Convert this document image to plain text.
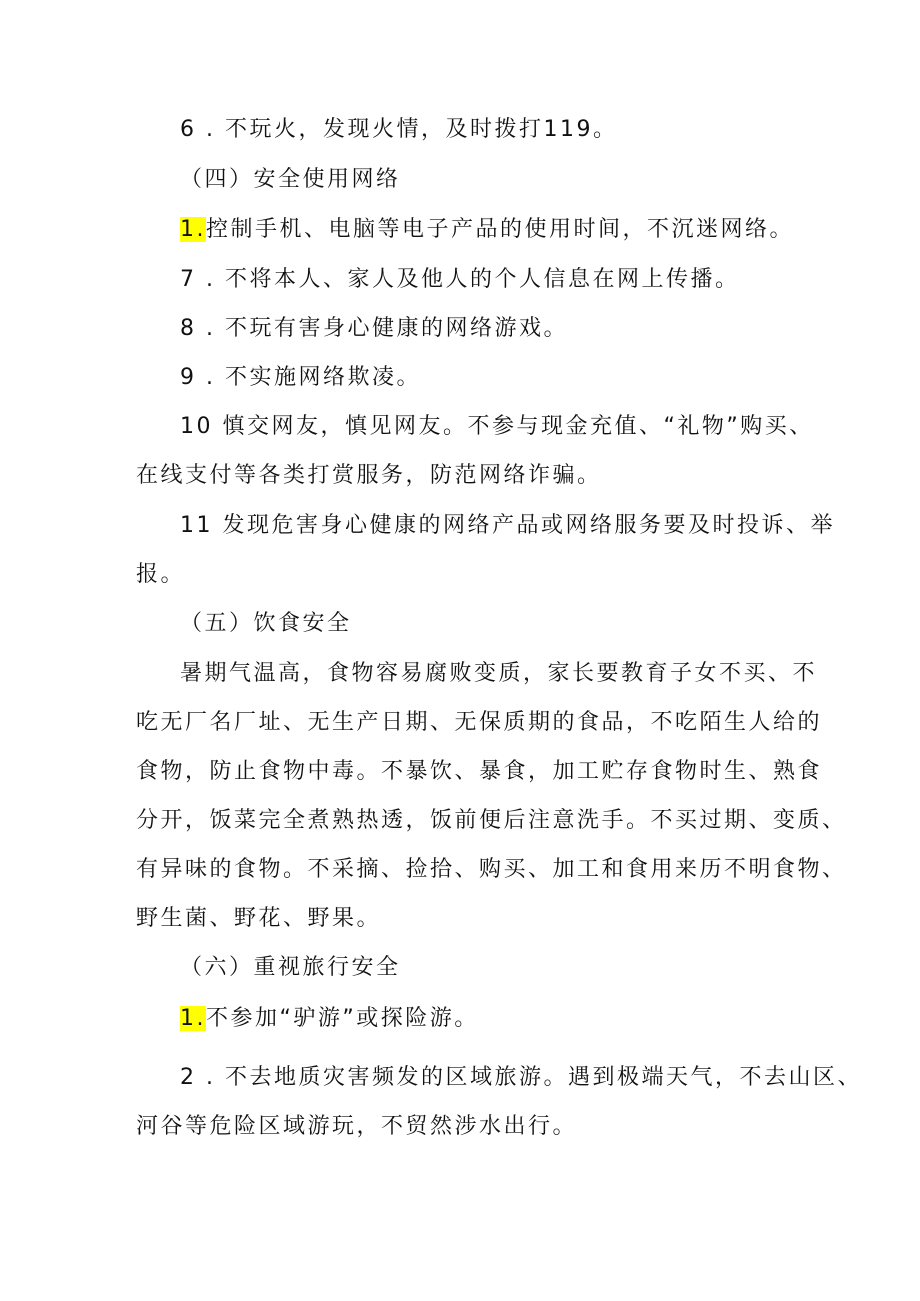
6 . 不玩火，发现火情，及时拨打119。
（四）安全使用网络
1.控制手机、电脑等电子产品的使用时间，不沉迷网络。
7 . 不将本人、家人及他人的个人信息在网上传播。
8 . 不玩有害身心健康的网络游戏。
9 . 不实施网络欺凌。
10 慎交网友，慎见网友。不参与现金充值、“礼物”购买、
在线支付等各类打赏服务，防范网络诈骗。
11 发现危害身心健康的网络产品或网络服务要及时投诉、举
报。
（五）饮食安全
暑期气温高，食物容易腐败变质，家长要教育子女不买、不
吃无厂名厂址、无生产日期、无保质期的食品，不吃陌生人给的
食物，防止食物中毒。不暴饮、暴食，加工贮存食物时生、熟食
分开，饭菜完全煮熟热透，饭前便后注意洗手。不买过期、变质、
有异味的食物。不采摘、捡拾、购买、加工和食用来历不明食物、
野生菌、野花、野果。
（六）重视旅行安全
1.不参加“驴游”或探险游。
2 . 不去地质灾害频发的区域旅游。遇到极端天气，不去山区、
河谷等危险区域游玩，不贸然涉水出行。
